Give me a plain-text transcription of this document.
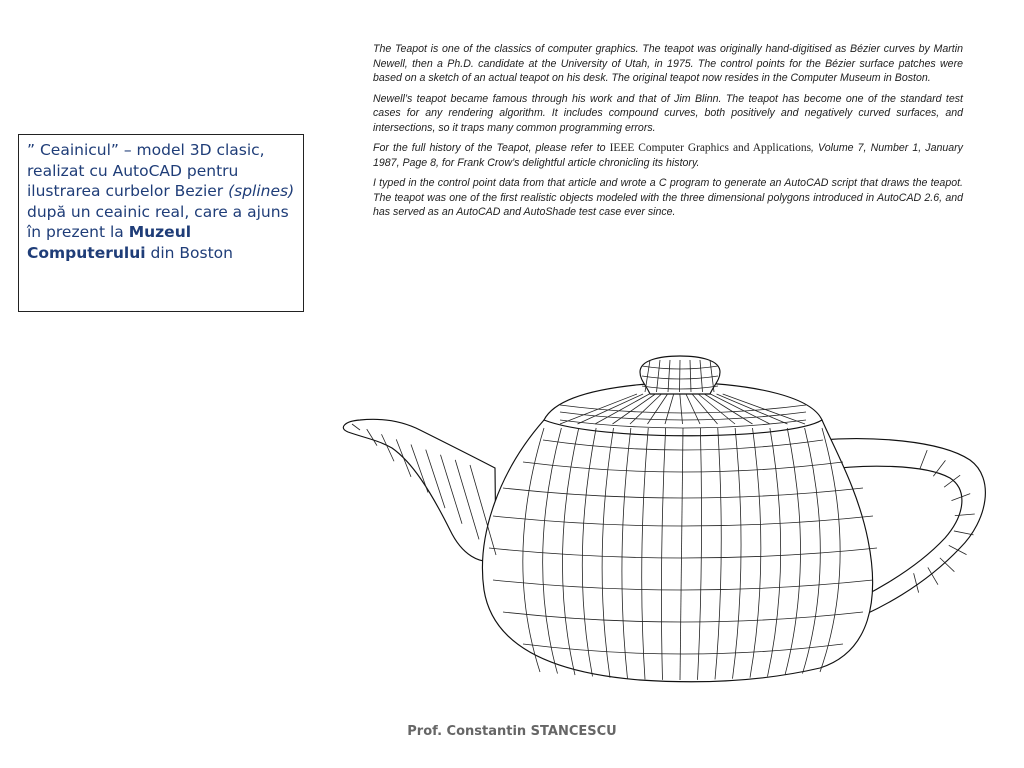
” Ceainicul” – model 3D clasic, realizat cu AutoCAD pentru ilustrarea curbelor Bezier (splines) după un ceainic real, care a ajuns în prezent la Muzeul Computerului din Boston

The Teapot is one of the classics of computer graphics. The teapot was originally hand-digitised as Bézier curves by Martin Newell, then a Ph.D. candidate at the University of Utah, in 1975. The control points for the Bézier surface patches were based on a sketch of an actual teapot on his desk. The original teapot now resides in the Computer Museum in Boston.

Newell’s teapot became famous through his work and that of Jim Blinn. The teapot has become one of the standard test cases for any rendering algorithm. It includes compound curves, both positively and negatively curved surfaces, and intersections, so it traps many common programming errors.

For the full history of the Teapot, please refer to IEEE Computer Graphics and Applications, Volume 7, Number 1, January 1987, Page 8, for Frank Crow’s delightful article chronicling its history.

I typed in the control point data from that article and wrote a C program to generate an AutoCAD script that draws the teapot. The teapot was one of the first realistic objects modeled with the three dimensional polygons introduced in AutoCAD 2.6, and has served as an AutoCAD and AutoShade test case ever since.

Prof. Constantin STANCESCU
